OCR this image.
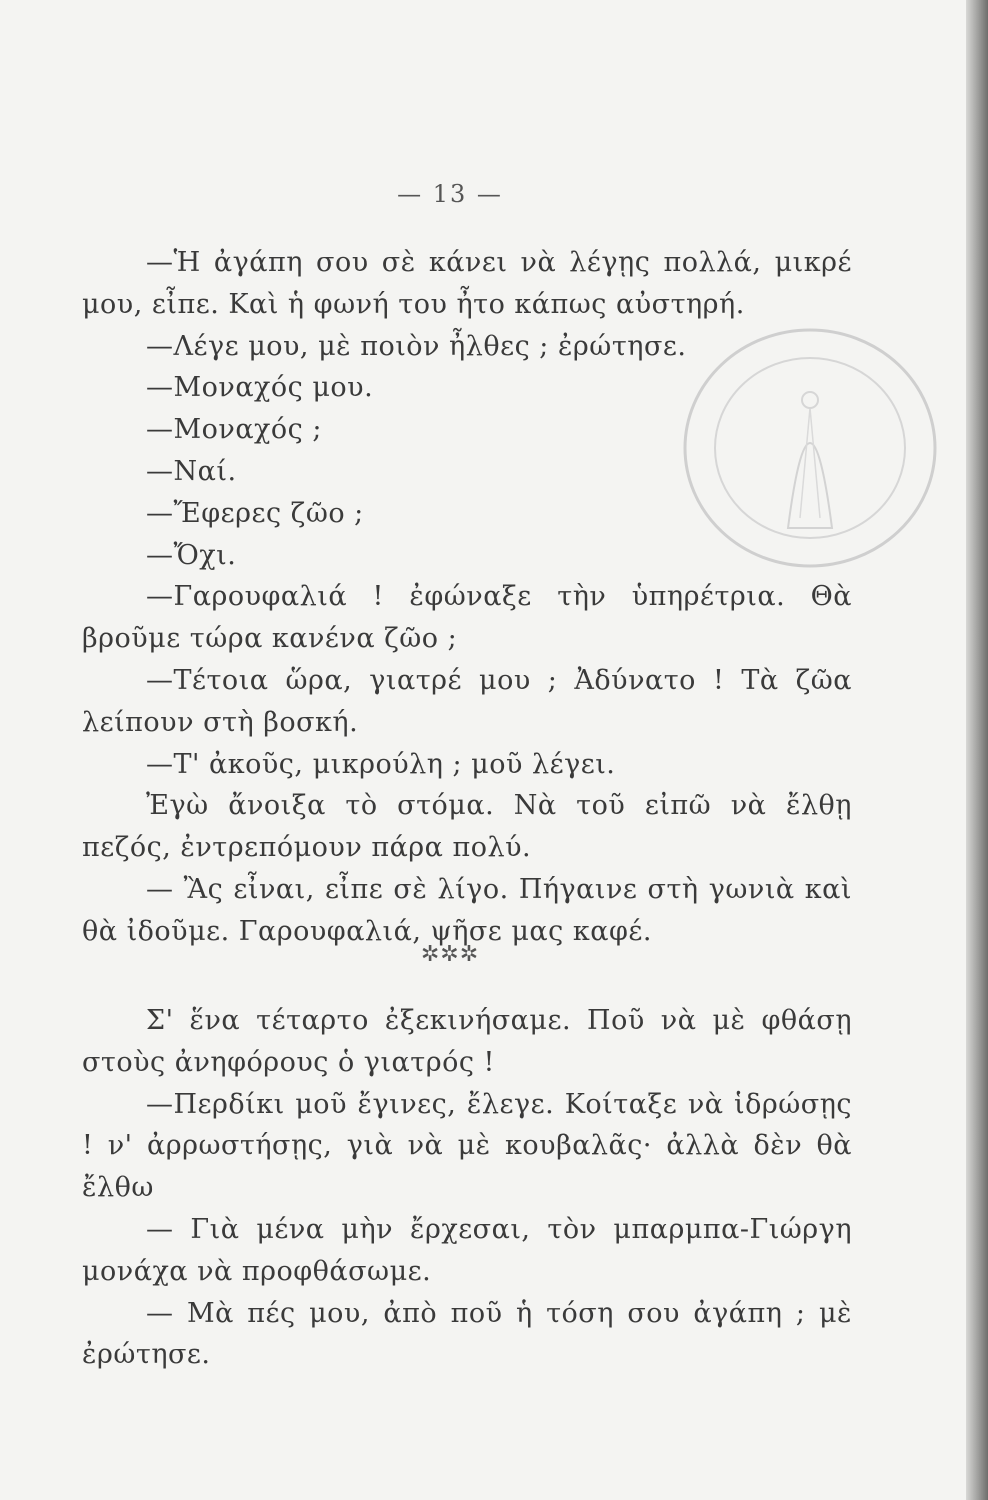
— 13 —

—Ἡ ἀγάπη σου σὲ κάνει νὰ λέγῃς πολλά, μικρέ μου, εἶπε. Καὶ ἡ φωνή του ἦτο κάπως αὐστηρή.

—Λέγε μου, μὲ ποιὸν ἦλθες ; ἐρώτησε.

—Μοναχός μου.

—Μοναχός ;

—Ναί.

—Ἔφερες ζῶο ;

—Ὄχι.

—Γαρουφαλιά ! ἐφώναξε τὴν ὑπηρέτρια. Θὰ βροῦμε τώρα κανένα ζῶο ;

—Τέτοια ὥρα, γιατρέ μου ; Ἀδύνατο ! Τὰ ζῶα λείπουν στὴ βοσκή.

—Τ' ἀκοῦς, μικρούλη ; μοῦ λέγει.

Ἐγὼ ἄνοιξα τὸ στόμα. Νὰ τοῦ εἰπῶ νὰ ἔλθῃ πεζός, ἐντρεπόμουν πάρα πολύ.

— Ἂς εἶναι, εἶπε σὲ λίγο. Πήγαινε στὴ γωνιὰ καὶ θὰ ἰδοῦμε. Γαρουφαλιά, ψῆσε μας καφέ.

✲✲✲

Σ' ἕνα τέταρτο ἐξεκινήσαμε. Ποῦ νὰ μὲ φθάσῃ στοὺς ἀνηφόρους ὁ γιατρός !

—Περδίκι μοῦ ἔγινες, ἔλεγε. Κοίταξε νὰ ἱδρώσῃς ! ν' ἀρρωστήσῃς, γιὰ νὰ μὲ κουβαλᾶς· ἀλλὰ δὲν θὰ ἔλθω

— Γιὰ μένα μὴν ἔρχεσαι, τὸν μπαρμπα-Γιώργη μονάχα νὰ προφθάσωμε.

— Μὰ πές μου, ἀπὸ ποῦ ἡ τόση σου ἀγάπη ; μὲ ἐρώτησε.
